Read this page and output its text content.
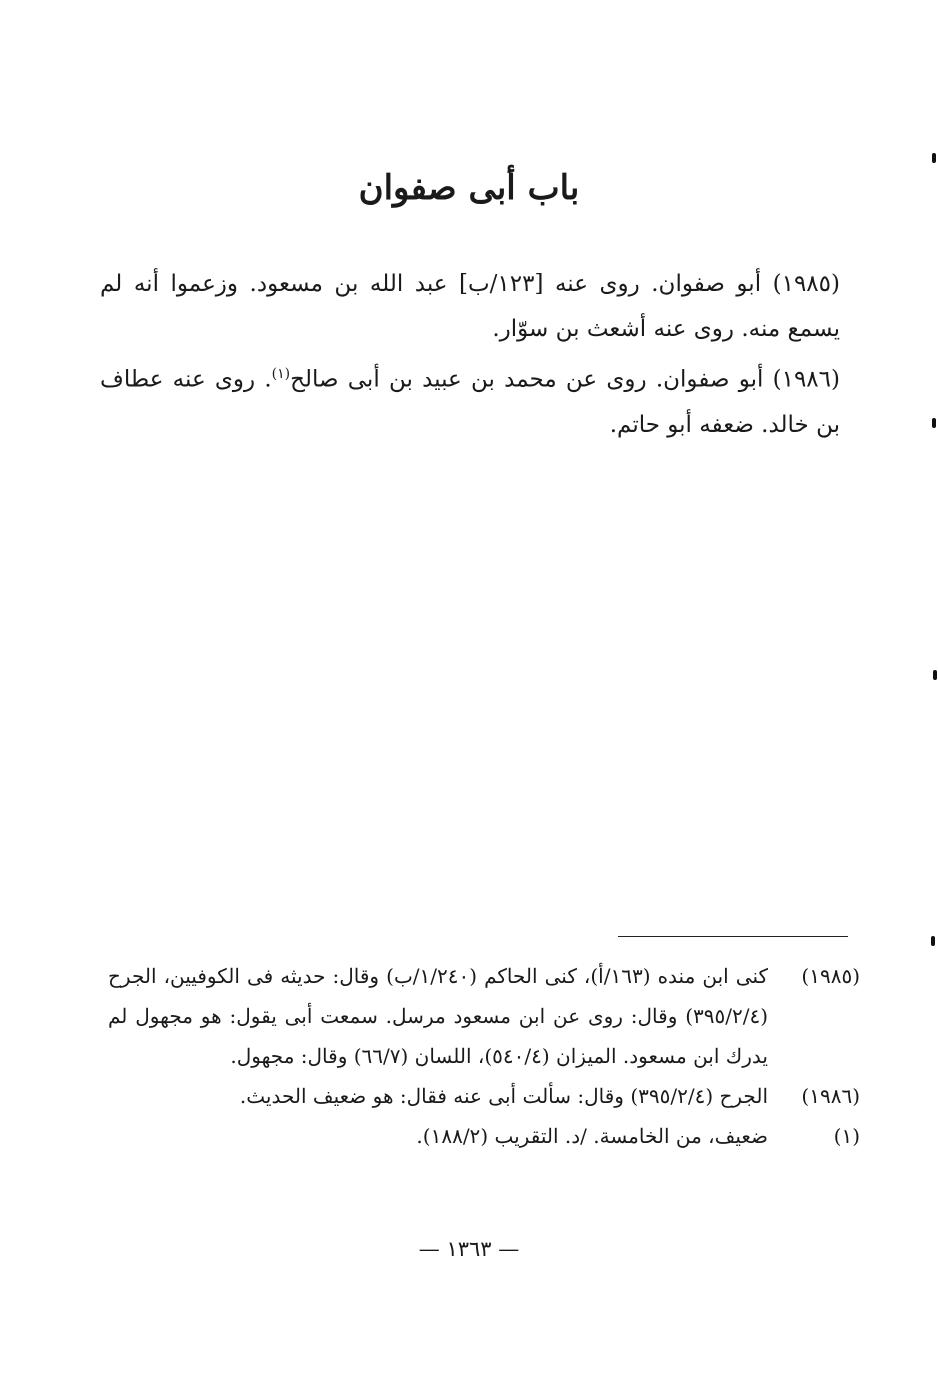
باب أبى صفوان

(١٩٨٥) أبو صفوان. روى عنه [١٢٣/ب] عبد الله بن مسعود. وزعموا أنه لم يسمع منه. روى عنه أشعث بن سوّار.

(١٩٨٦) أبو صفوان. روى عن محمد بن عبيد بن أبى صالح$^{(١)}$. روى عنه عطاف بن خالد. ضعفه أبو حاتم.

(١٩٨٥)
كنى ابن منده (١٦٣/أ)، كنى الحاكم (١/٢٤٠/ب) وقال: حديثه فى الكوفيين، الجرح (٣٩٥/٢/٤) وقال: روى عن ابن مسعود مرسل. سمعت أبى يقول: هو مجهول لم يدرك ابن مسعود. الميزان (٥٤٠/٤)، اللسان (٦٦/٧) وقال: مجهول.
(١٩٨٦)
الجرح (٣٩٥/٢/٤) وقال: سألت أبى عنه فقال: هو ضعيف الحديث.
(١)
ضعيف، من الخامسة. /د. التقريب (١٨٨/٢).
— ١٣٦٣ —
